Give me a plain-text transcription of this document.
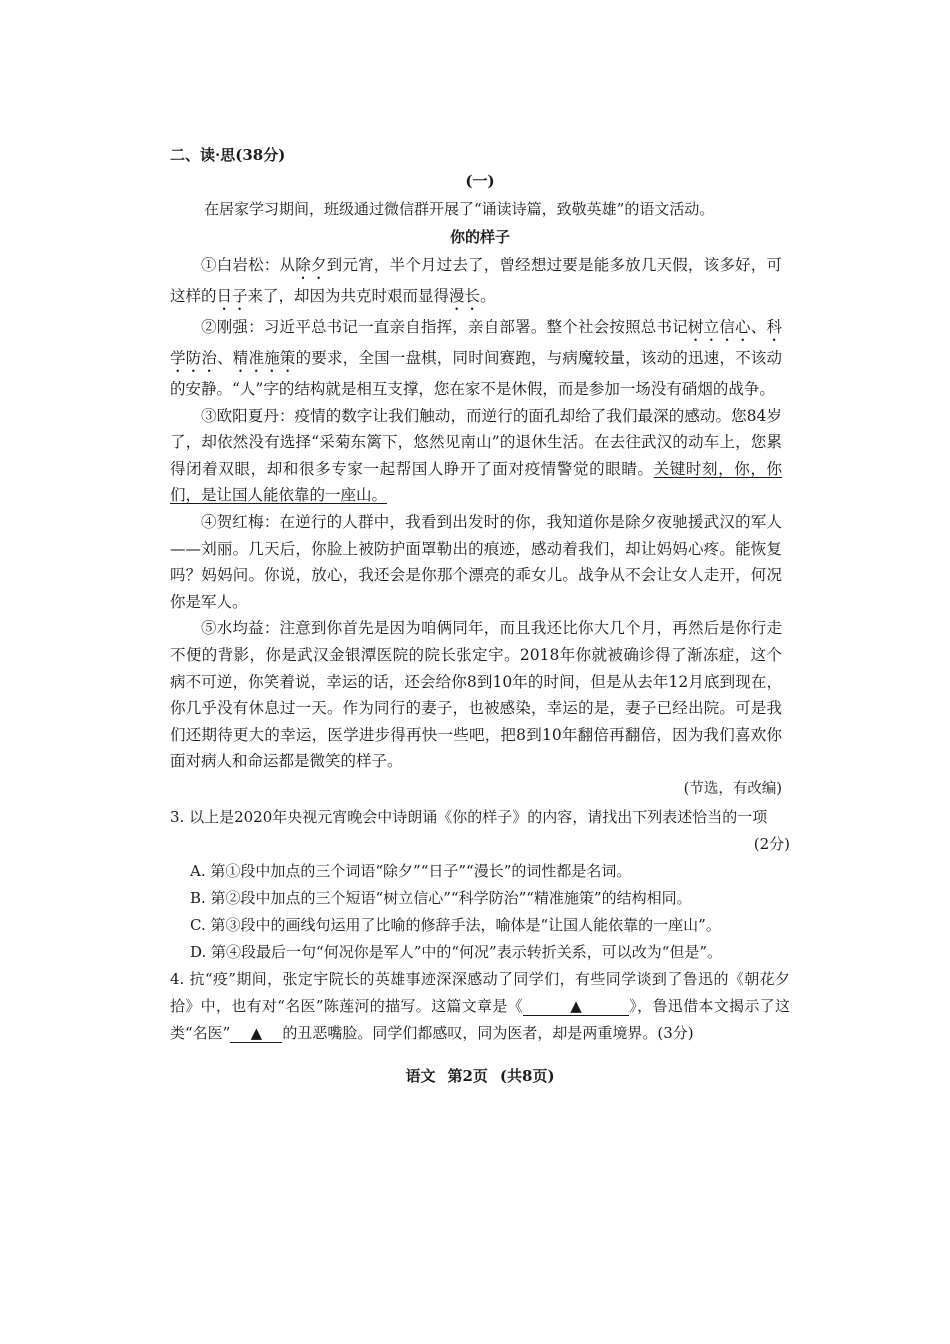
二、读·思(38分)

(一)

在居家学习期间，班级通过微信群开展了“诵读诗篇，致敬英雄”的语文活动。

你的样子

①白岩松：从除夕到元宵，半个月过去了，曾经想过要是能多放几天假，该多好，可这样的日子来了，却因为共克时艰而显得漫长。

②刚强：习近平总书记一直亲自指挥，亲自部署。整个社会按照总书记树立信心、科学防治、精准施策的要求，全国一盘棋，同时间赛跑，与病魔较量，该动的迅速，不该动的安静。“人”字的结构就是相互支撑，您在家不是休假，而是参加一场没有硝烟的战争。

③欧阳夏丹：疫情的数字让我们触动，而逆行的面孔却给了我们最深的感动。您84岁了，却依然没有选择“采菊东篱下，悠然见南山”的退休生活。在去往武汉的动车上，您累得闭着双眼，却和很多专家一起帮国人睁开了面对疫情警觉的眼睛。关键时刻，你，你们，是让国人能依靠的一座山。

④贺红梅：在逆行的人群中，我看到出发时的你，我知道你是除夕夜驰援武汉的军人——刘丽。几天后，你脸上被防护面罩勒出的痕迹，感动着我们，却让妈妈心疼。能恢复吗？妈妈问。你说，放心，我还会是你那个漂亮的乖女儿。战争从不会让女人走开，何况你是军人。

⑤水均益：注意到你首先是因为咱俩同年，而且我还比你大几个月，再然后是你行走不便的背影，你是武汉金银潭医院的院长张定宇。2018年你就被确诊得了渐冻症，这个病不可逆，你笑着说，幸运的话，还会给你8到10年的时间，但是从去年12月底到现在，你几乎没有休息过一天。作为同行的妻子，也被感染，幸运的是，妻子已经出院。可是我们还期待更大的幸运，医学进步得再快一些吧，把8到10年翻倍再翻倍，因为我们喜欢你面对病人和命运都是微笑的样子。

(节选，有改编)

3. 以上是2020年央视元宵晚会中诗朗诵《你的样子》的内容，请找出下列表述恰当的一项
(2分)

A. 第①段中加点的三个词语“除夕”“日子”“漫长”的词性都是名词。

B. 第②段中加点的三个短语“树立信心”“科学防治”“精准施策”的结构相同。

C. 第③段中的画线句运用了比喻的修辞手法，喻体是“让国人能依靠的一座山”。

D. 第④段最后一句“何况你是军人”中的“何况”表示转折关系，可以改为“但是”。

4. 抗“疫”期间，张定宇院长的英雄事迹深深感动了同学们，有些同学谈到了鲁迅的《朝花夕拾》中，也有对“名医”陈莲河的描写。这篇文章是《	▲	》，鲁迅借本文揭示了这类“名医” ▲ 的丑恶嘴脸。同学们都感叹，同为医者，却是两重境界。(3分)

语文 第2页 (共8页)
